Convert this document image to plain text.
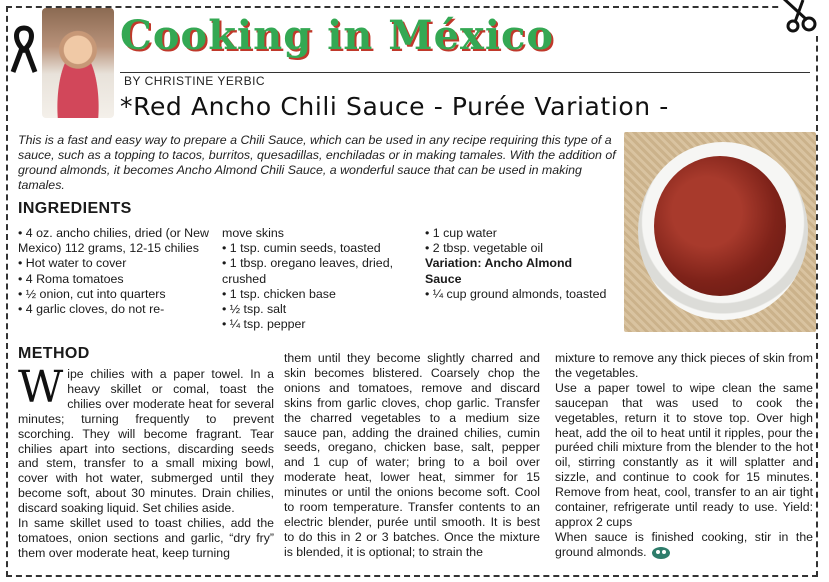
Cooking in México
BY CHRISTINE YERBIC
*Red Ancho Chili Sauce - Purée Variation -
This is a fast and easy way to prepare a Chili Sauce, which can be used in any recipe requiring this type of a sauce, such as a topping to tacos, burritos, quesadillas, enchiladas or in making tamales. With the addition of ground almonds, it becomes Ancho Almond Chili Sauce, a wonderful sauce that can be used in making tamales.
INGREDIENTS

• 4 oz. ancho chilies, dried (or New Mexico) 112 grams, 12-15 chilies

• Hot water to cover

• 4 Roma tomatoes

• ½ onion, cut into quarters

• 4 garlic cloves, do not re-

move skins

• 1 tsp. cumin seeds, toasted

• 1 tbsp. oregano leaves, dried, crushed

• 1 tsp. chicken base

• ½ tsp. salt

• ¼ tsp. pepper

• 1 cup water

• 2 tbsp. vegetable oil

Variation: Ancho Almond Sauce

• ¼ cup ground almonds, toasted

METHOD

Wipe chilies with a paper towel. In a heavy skillet or comal, toast the chilies over moderate heat for several minutes; turning frequently to prevent scorching. They will become fragrant. Tear chilies apart into sections, discarding seeds and stem, transfer to a small mixing bowl, cover with hot water, submerged until they become soft, about 30 minutes. Drain chilies, discard soaking liquid. Set chilies aside.

In same skillet used to toast chilies, add the tomatoes, onion sections and garlic, “dry fry” them over moderate heat, keep turning

them until they become slightly charred and skin becomes blistered. Coarsely chop the onions and tomatoes, remove and discard skins from garlic cloves, chop garlic. Transfer the charred vegetables to a medium size sauce pan, adding the drained chilies, cumin seeds, oregano, chicken base, salt, pepper and 1 cup of water; bring to a boil over moderate heat, lower heat, simmer for 15 minutes or until the onions become soft. Cool to room temperature. Transfer contents to an electric blender, purée until smooth. It is best to do this in 2 or 3 batches. Once the mixture is blended, it is optional; to strain the

mixture to remove any thick pieces of skin from the vegetables.

Use a paper towel to wipe clean the same saucepan that was used to cook the vegetables, return it to stove top. Over high heat, add the oil to heat until it ripples, pour the puréed chili mixture from the blender to the hot oil, stirring constantly as it will splatter and sizzle, and continue to cook for 15 minutes. Remove from heat, cool, transfer to an air tight container, refrigerate until ready to use. Yield: approx 2 cups

When sauce is finished cooking, stir in the ground almonds.
